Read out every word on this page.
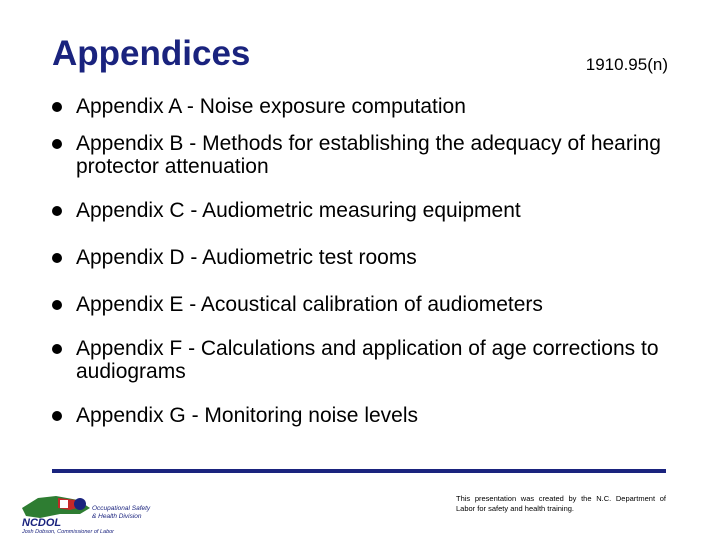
Appendices	1910.95(n)
Appendix A - Noise exposure computation
Appendix B - Methods for establishing the adequacy of hearing protector attenuation
Appendix C - Audiometric measuring equipment
Appendix D - Audiometric test rooms
Appendix E - Acoustical calibration of audiometers
Appendix F - Calculations and application of age corrections to audiograms
Appendix G - Monitoring noise levels
NCDOL
Occupational Safety
& Health Division
Josh Dobson, Commissioner of Labor
This presentation was created by the N.C. Department of Labor for safety and health training.
